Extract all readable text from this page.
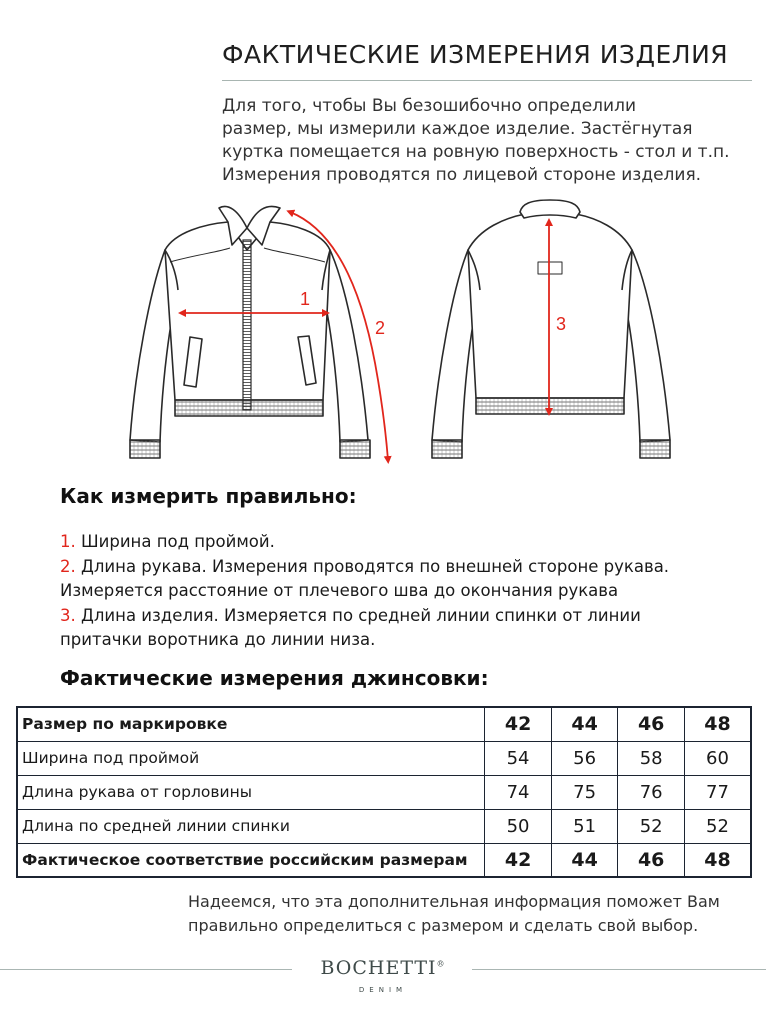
ФАКТИЧЕСКИЕ ИЗМЕРЕНИЯ ИЗДЕЛИЯ
Для того, чтобы Вы безошибочно определили
размер, мы измерили каждое изделие. Застёгнутая
куртка помещается на ровную поверхность - стол и т.п.
Измерения проводятся по лицевой стороне изделия.
1
2	3
Как измерить правильно:
1. Ширина под проймой.
2. Длина рукава. Измерения проводятся по внешней стороне рукава.
Измеряется расстояние от плечевого шва до окончания рукава
3. Длина изделия. Измеряется по средней линии спинки от линии
притачки воротника до линии низа.
Фактические измерения джинсовки:
Размер по маркировке	42	44	46	48
Ширина под проймой	54	56	58	60
Длина рукава от горловины	74	75	76	77
Длина по средней линии спинки	50	51	52	52
Фактическое соответствие российским размерам	42	44	46	48
Надеемся, что эта дополнительная информация поможет Вам
правильно определиться с размером и сделать свой выбор.
BOCHETTI®
DENIM
